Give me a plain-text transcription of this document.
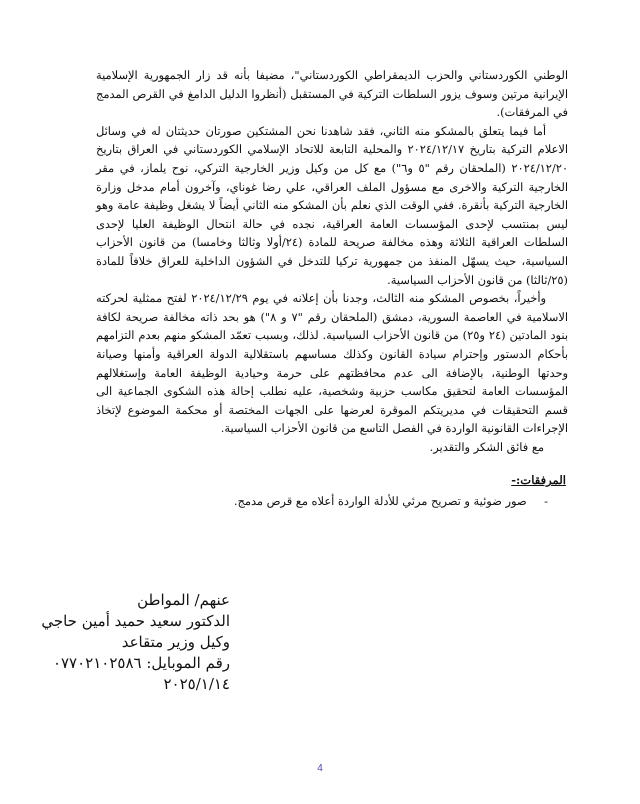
الوطني الكوردستاني والحزب الديمقراطي الكوردستاني"، مضيفا بأنه قد زار الجمهورية الإسلامية الإيرانية مرتين وسوف يزور السلطات التركية في المستقبل (أنظروا الدليل الدامغ في القرص المدمج في المرفقات).

أما فيما يتعلق بالمشكو منه الثاني، فقد شاهدنا نحن المشتكين صورتان حديثتان له في وسائل الاعلام التركية بتاريخ ٢٠٢٤/١٢/١٧ والمحلية التابعة للاتحاد الإسلامي الكوردستاني في العراق بتاريخ ٢٠٢٤/١٢/٢٠ (الملحقان رقم "٥ و٦") مع كل من وكيل وزير الخارجية التركي، نوح يلماز، في مقر الخارجية التركية والاخرى مع مسؤول الملف العراقي، علي رضا غوناي، وآخرون أمام مدخل وزارة الخارجية التركية بأنقرة. ففي الوقت الذي نعلم بأن المشكو منه الثاني أيضاً لا يشغل وظيفة عامة وهو ليس بمنتسب لإحدى المؤسسات العامة العراقية، نجده في حالة انتحال الوظيفة العليا لإحدى السلطات العراقية الثلاثة وهذه مخالفة صريحة للمادة (٢٤/أولا وثالثا وخامسا) من قانون الأحزاب السياسية، حيث يسهّل المنفذ من جمهورية تركيا للتدخل في الشؤون الداخلية للعراق خلافاً للمادة (٢٥/ثالثا) من قانون الأحزاب السياسية.

وأخيراً، بخصوص المشكو منه الثالث، وجدنا بأن إعلانه في يوم ٢٠٢٤/١٢/٢٩ لفتح ممثلية لحركته الاسلامية في العاصمة السورية، دمشق (الملحقان رقم "٧ و ٨") هو بحد ذاته مخالفة صريحة لكافة بنود المادتين (٢٤ و٢٥) من قانون الأحزاب السياسية. لذلك، وبسبب تعمّد المشكو منهم بعدم التزامهم بأحكام الدستور وإحترام سيادة القانون وكذلك مساسهم باستقلالية الدولة العراقية وأمنها وصيانة وحدتها الوطنية، بالإضافة الى عدم محافظتهم على حرمة وحيادية الوظيفة العامة وإستغلالهم المؤسسات العامة لتحقيق مكاسب حزبية وشخصية، عليه نطلب إحالة هذه الشكوى الجماعية الى قسم التحقيقات في مديريتكم الموقرة لعرضها على الجهات المختصة أو محكمة الموضوع لإتخاذ الإجراءات القانونية الواردة في الفصل التاسع من قانون الأحزاب السياسية.

مع فائق الشكر والتقدير.
المرفقات:-
- صور ضوئية و تصريح مرئي للأدلة الواردة أعلاه مع قرص مدمج.
عنهم/ المواطن
الدكتور سعيد حميد أمين حاجي
وكيل وزير متقاعد
رقم الموبايل: ٠٧٧٠٢١٠٢٥٨٦
٢٠٢٥/١/١٤
4
